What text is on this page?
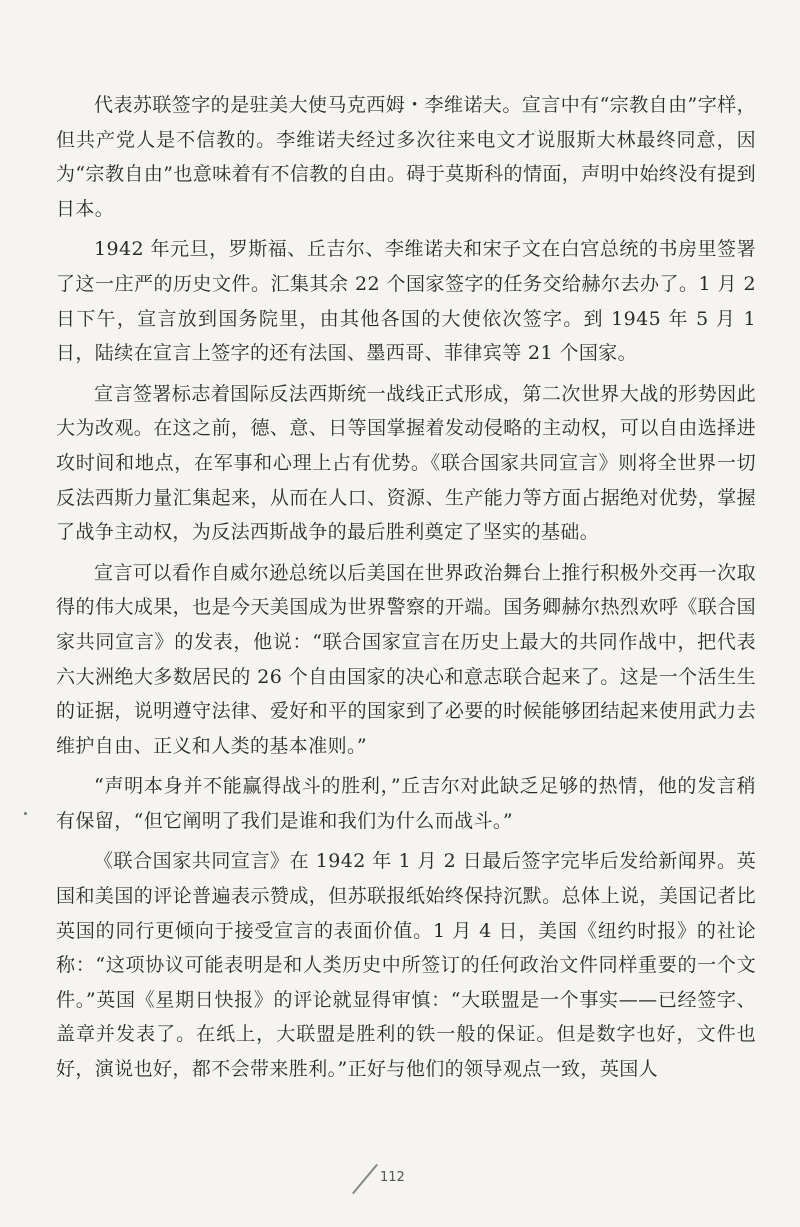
代表苏联签字的是驻美大使马克西姆・李维诺夫。宣言中有“宗教自由”字样，但共产党人是不信教的。李维诺夫经过多次往来电文才说服斯大林最终同意，因为“宗教自由”也意味着有不信教的自由。碍于莫斯科的情面，声明中始终没有提到日本。

1942 年元旦，罗斯福、丘吉尔、李维诺夫和宋子文在白宫总统的书房里签署了这一庄严的历史文件。汇集其余 22 个国家签字的任务交给赫尔去办了。1 月 2 日下午，宣言放到国务院里，由其他各国的大使依次签字。到 1945 年 5 月 1 日，陆续在宣言上签字的还有法国、墨西哥、菲律宾等 21 个国家。

宣言签署标志着国际反法西斯统一战线正式形成，第二次世界大战的形势因此大为改观。在这之前，德、意、日等国掌握着发动侵略的主动权，可以自由选择进攻时间和地点，在军事和心理上占有优势。《联合国家共同宣言》则将全世界一切反法西斯力量汇集起来，从而在人口、资源、生产能力等方面占据绝对优势，掌握了战争主动权，为反法西斯战争的最后胜利奠定了坚实的基础。

宣言可以看作自威尔逊总统以后美国在世界政治舞台上推行积极外交再一次取得的伟大成果，也是今天美国成为世界警察的开端。国务卿赫尔热烈欢呼《联合国家共同宣言》的发表，他说：“联合国家宣言在历史上最大的共同作战中，把代表六大洲绝大多数居民的 26 个自由国家的决心和意志联合起来了。这是一个活生生的证据，说明遵守法律、爱好和平的国家到了必要的时候能够团结起来使用武力去维护自由、正义和人类的基本准则。”

“声明本身并不能赢得战斗的胜利，”丘吉尔对此缺乏足够的热情，他的发言稍有保留，“但它阐明了我们是谁和我们为什么而战斗。”

《联合国家共同宣言》在 1942 年 1 月 2 日最后签字完毕后发给新闻界。英国和美国的评论普遍表示赞成，但苏联报纸始终保持沉默。总体上说，美国记者比英国的同行更倾向于接受宣言的表面价值。1 月 4 日，美国《纽约时报》的社论称：“这项协议可能表明是和人类历史中所签订的任何政治文件同样重要的一个文件。”英国《星期日快报》的评论就显得审慎：“大联盟是一个事实——已经签字、盖章并发表了。在纸上，大联盟是胜利的铁一般的保证。但是数字也好，文件也好，演说也好，都不会带来胜利。”正好与他们的领导观点一致，英国人

112
